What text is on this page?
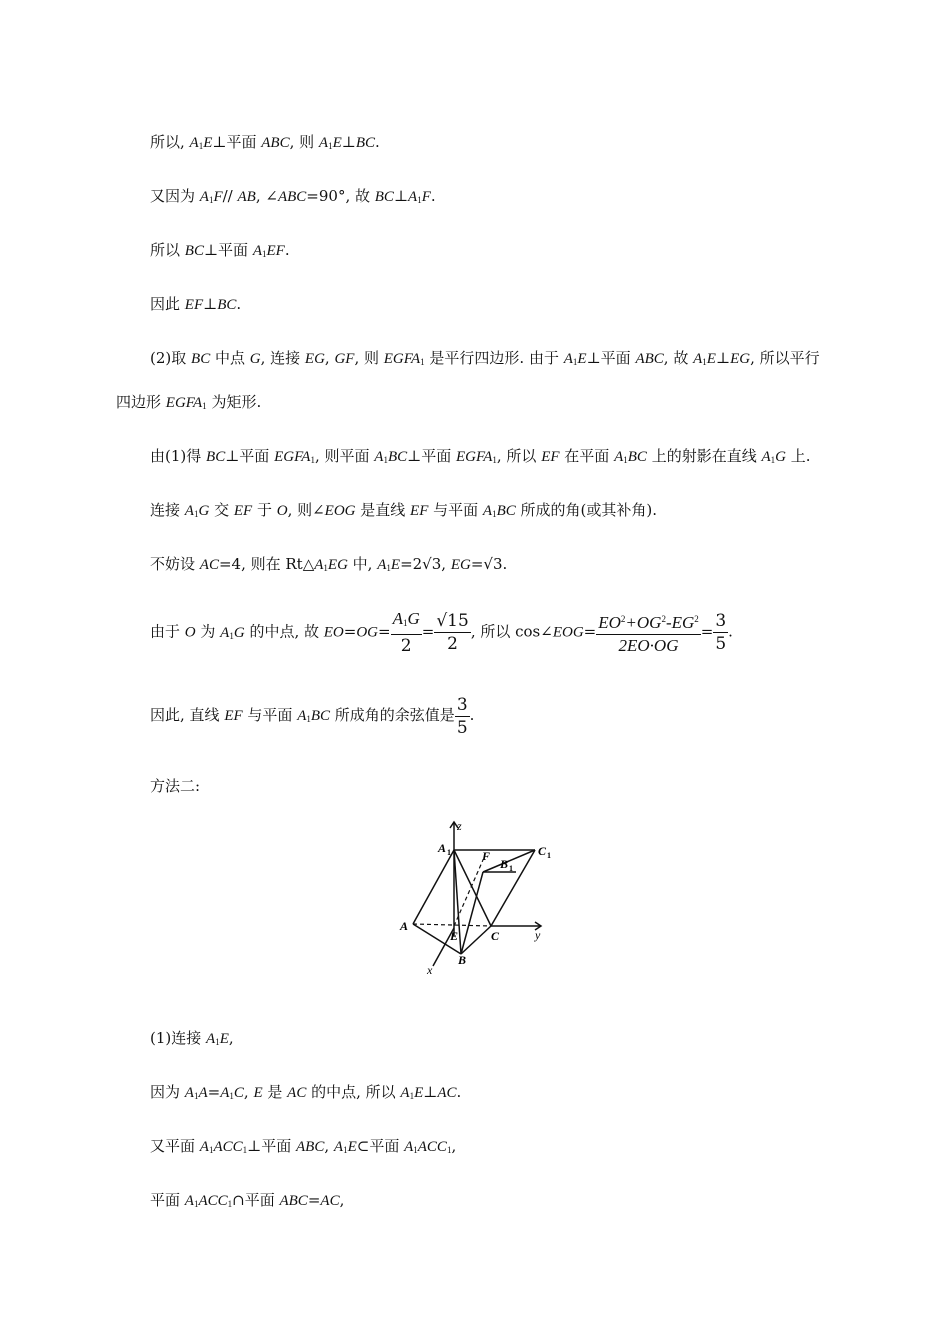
所以, $A_1E\perp$平面 ABC, 则 $A_1E\perp BC$.
又因为 $A_1F//$ AB, ∠ABC=90°, 故 $BC\perp A_1F$.
所以 BC⊥平面 $A_1EF$.
因此 EF⊥BC.
(2)取 BC 中点 G, 连接 EG, GF, 则 $EGFA_1$ 是平行四边形. 由于 $A_1E\perp$平面 ABC, 故 $A_1E\perp EG$, 所以平行
四边形 $EGFA_1$ 为矩形.
由(1)得 BC⊥平面 $EGFA_1$, 则平面 $A_1BC\perp$平面 $EGFA_1$, 所以 EF 在平面 $A_1BC$ 上的射影在直线 $A_1G$ 上.
连接 $A_1G$ 交 EF 于 O, 则∠EOG 是直线 EF 与平面 $A_1BC$ 所成的角(或其补角).
不妨设 AC=4, 则在 $Rt\triangle A_1EG$ 中, $A_1E=2√3$, EG=√3.
由于 O 为 $A_1G$ 的中点, 故 $EO=OG= \frac{A_1G}{2} = \frac{√15}{2}$ , 所以 cos∠EOG= $\frac{EO^2+OG^2-EG^2}{2EO\cdot OG} = \frac{3}{5}$ .
因此, 直线 EF 与平面 $A_1BC$ 所成角的余弦值是 $\frac{3}{5}$ .
方法二:
z
A 1	F
B 1
C 1
A
E	C	y
B
x
(1)连接 $A_1E$,
因为 $A_1A=A_1C$, E 是 AC 的中点, 所以 $A_1E\perp AC$.
又平面 $A_1ACC_1\perp$平面 ABC, $A_1E\subset$平面 $A_1ACC_1$,
平面 $A_1ACC_1\cap$平面 ABC=AC,
